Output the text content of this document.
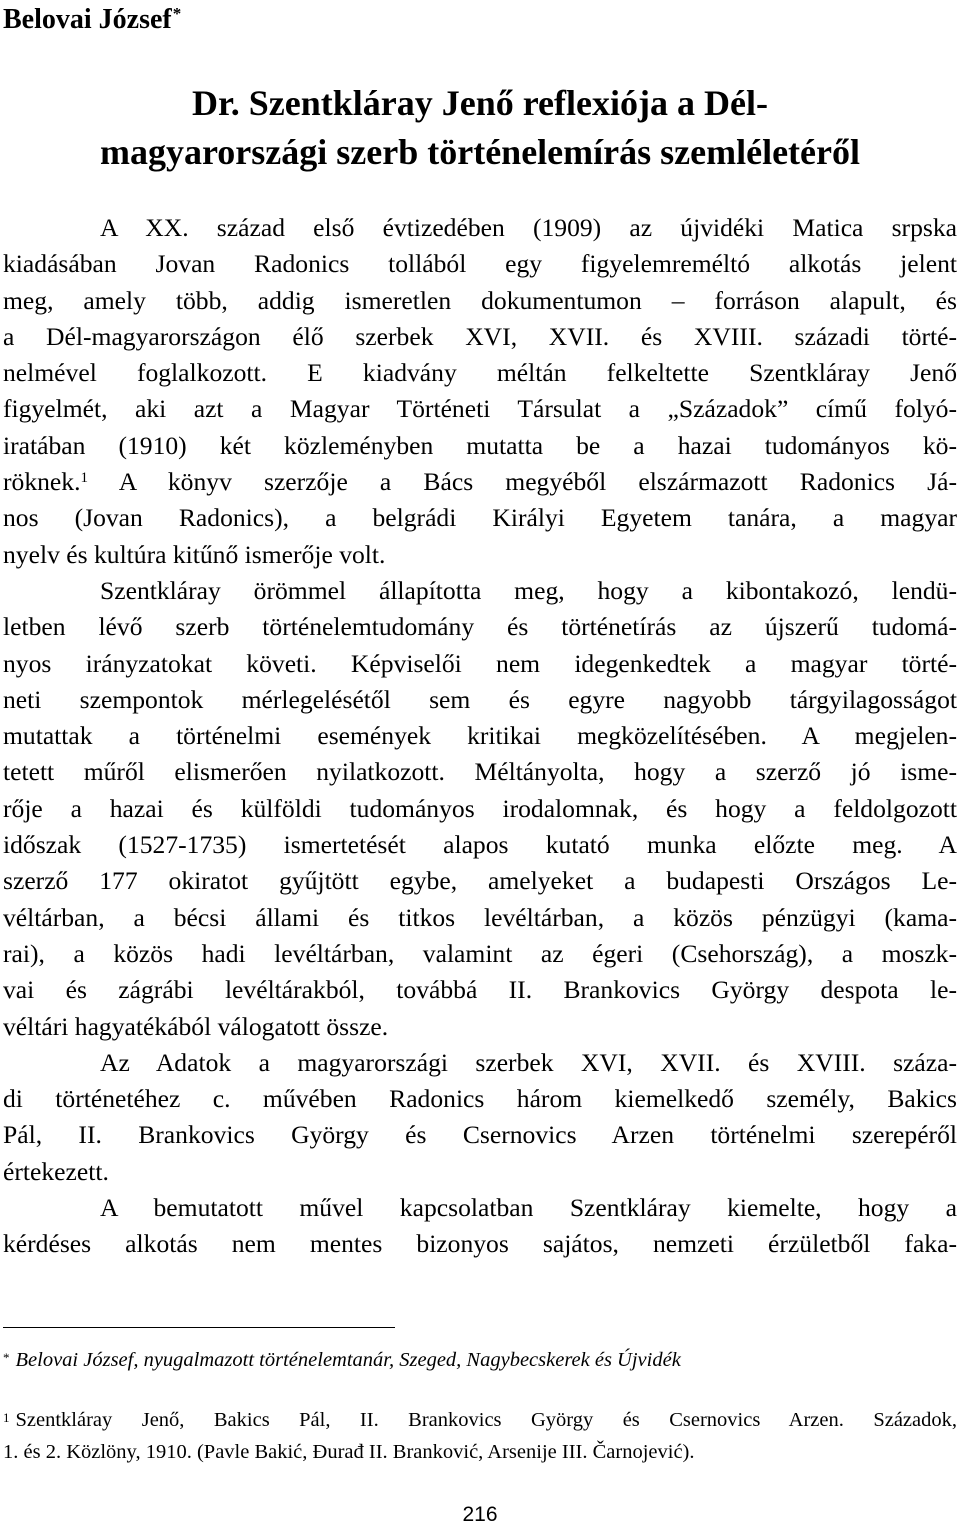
Belovai József*
Dr. Szentkláray Jenő reflexiója a Dél-
magyarországi szerb történelemírás szemléletéről
A XX. század első évtizedében (1909) az újvidéki Matica srpska
kiadásában Jovan Radonics tollából egy figyelemreméltó alkotás jelent
meg, amely több, addig ismeretlen dokumentumon – forráson alapult, és
a Dél-magyarországon élő szerbek XVI, XVII. és XVIII. századi törté-
nelmével foglalkozott. E kiadvány méltán felkeltette Szentkláray Jenő
figyelmét, aki azt a Magyar Történeti Társulat a „Századok” című folyó-
iratában (1910) két közleményben mutatta be a hazai tudományos kö-
röknek.$^1$ A könyv szerzője a Bács megyéből elszármazott Radonics Já-
nos (Jovan Radonics), a belgrádi Királyi Egyetem tanára, a magyar
nyelv és kultúra kitűnő ismerője volt.
Szentkláray örömmel állapította meg, hogy a kibontakozó, lendü-
letben lévő szerb történelemtudomány és történetírás az újszerű tudomá-
nyos irányzatokat követi. Képviselői nem idegenkedtek a magyar törté-
neti szempontok mérlegelésétől sem és egyre nagyobb tárgyilagosságot
mutattak a történelmi események kritikai megközelítésében. A megjelen-
tetett műről elismerően nyilatkozott. Méltányolta, hogy a szerző jó isme-
rője a hazai és külföldi tudományos irodalomnak, és hogy a feldolgozott
időszak (1527-1735) ismertetését alapos kutató munka előzte meg. A
szerző 177 okiratot gyűjtött egybe, amelyeket a budapesti Országos Le-
véltárban, a bécsi állami és titkos levéltárban, a közös pénzügyi (kama-
rai), a közös hadi levéltárban, valamint az égeri (Csehország), a moszk-
vai és zágrábi levéltárakból, továbbá II. Brankovics György despota le-
véltári hagyatékából válogatott össze.
Az Adatok a magyarországi szerbek XVI, XVII. és XVIII. száza-
di történetéhez c. művében Radonics három kiemelkedő személy, Bakics
Pál, II. Brankovics György és Csernovics Arzen történelmi szerepéről
értekezett.
A bemutatott művel kapcsolatban Szentkláray kiemelte, hogy a
kérdéses alkotás nem mentes bizonyos sajátos, nemzeti érzületből faka-
* Belovai József, nyugalmazott történelemtanár, Szeged, Nagybecskerek és Újvidék
$^1$ Szentkláray Jenő, Bakics Pál, II. Brankovics György és Csernovics Arzen. Századok,
1. és 2. Közlöny, 1910. (Pavle Bakić, Đurađ II. Branković, Arsenije III. Čarnojević).
216
